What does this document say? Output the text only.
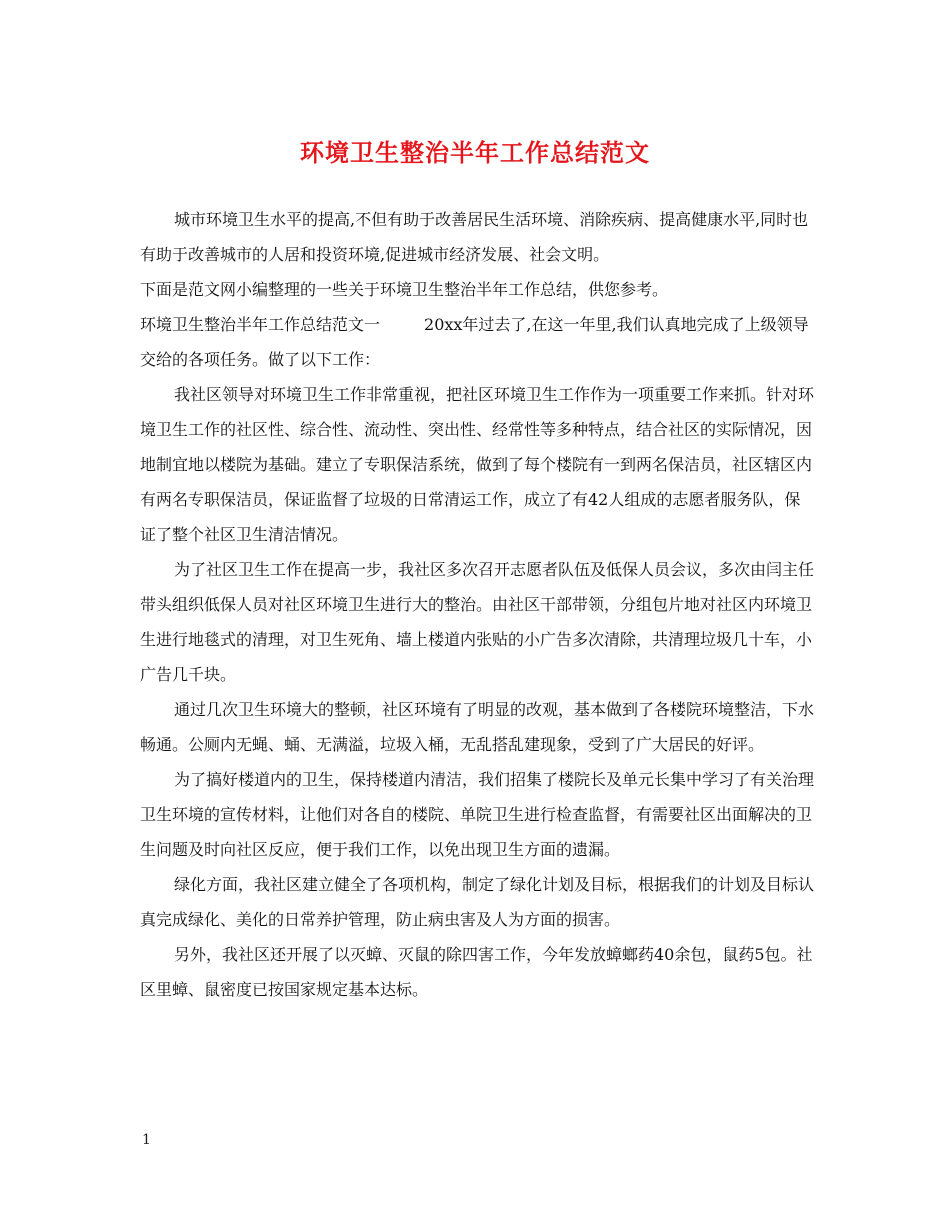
环境卫生整治半年工作总结范文

城市环境卫生水平的提高,不但有助于改善居民生活环境、消除疾病、提高健康水平,同时也有助于改善城市的人居和投资环境,促进城市经济发展、社会文明。

下面是范文网小编整理的一些关于环境卫生整治半年工作总结，供您参考。

环境卫生整治半年工作总结范文一	20xx年过去了,在这一年里,我们认真地完成了上级领导交给的各项任务。做了以下工作：

我社区领导对环境卫生工作非常重视，把社区环境卫生工作作为一项重要工作来抓。针对环境卫生工作的社区性、综合性、流动性、突出性、经常性等多种特点，结合社区的实际情况，因地制宜地以楼院为基础。建立了专职保洁系统，做到了每个楼院有一到两名保洁员，社区辖区内有两名专职保洁员，保证监督了垃圾的日常清运工作，成立了有42人组成的志愿者服务队，保证了整个社区卫生清洁情况。

为了社区卫生工作在提高一步，我社区多次召开志愿者队伍及低保人员会议，多次由闫主任带头组织低保人员对社区环境卫生进行大的整治。由社区干部带领，分组包片地对社区内环境卫生进行地毯式的清理，对卫生死角、墙上楼道内张贴的小广告多次清除，共清理垃圾几十车，小广告几千块。

通过几次卫生环境大的整顿，社区环境有了明显的改观，基本做到了各楼院环境整洁，下水畅通。公厕内无蝇、蛹、无满溢，垃圾入桶，无乱搭乱建现象，受到了广大居民的好评。

为了搞好楼道内的卫生，保持楼道内清洁，我们招集了楼院长及单元长集中学习了有关治理卫生环境的宣传材料，让他们对各自的楼院、单院卫生进行检查监督，有需要社区出面解决的卫生问题及时向社区反应，便于我们工作，以免出现卫生方面的遗漏。

绿化方面，我社区建立健全了各项机构，制定了绿化计划及目标，根据我们的计划及目标认真完成绿化、美化的日常养护管理，防止病虫害及人为方面的损害。

另外，我社区还开展了以灭蟑、灭鼠的除四害工作，今年发放蟑螂药40余包，鼠药5包。社区里蟑、鼠密度已按国家规定基本达标。

1
